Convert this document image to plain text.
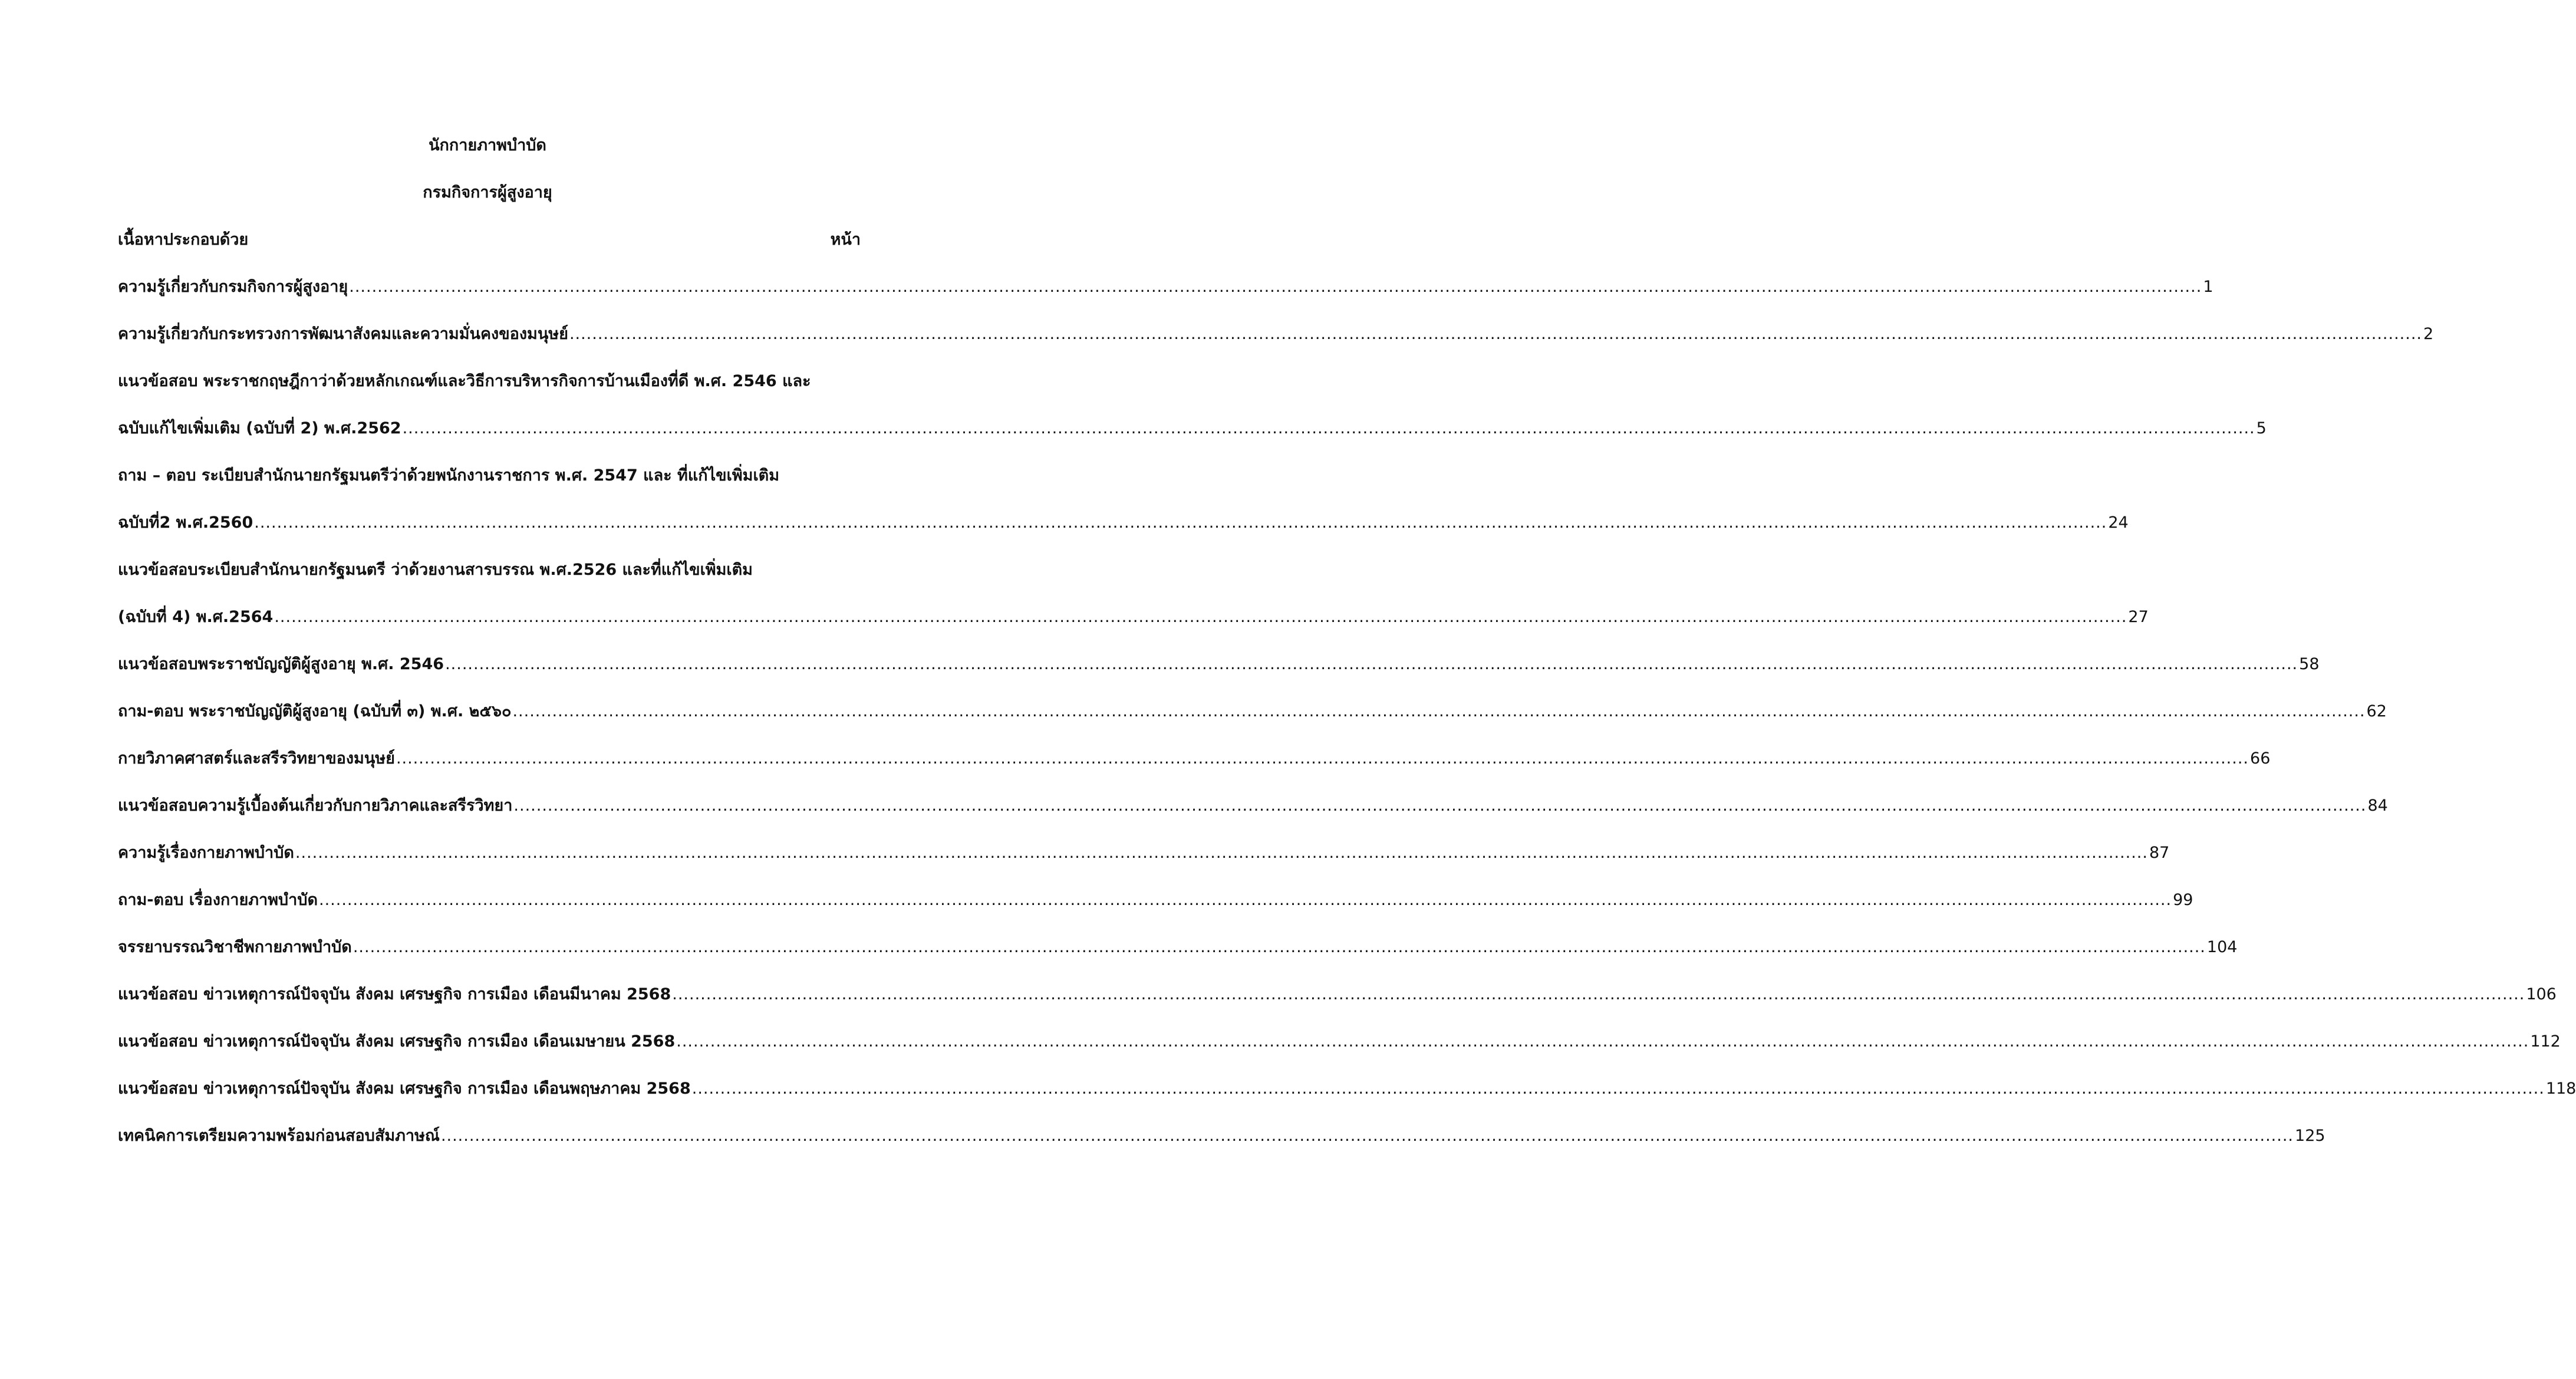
นักกายภาพบำบัด
กรมกิจการผู้สูงอายุ
เนื้อหาประกอบด้วย	หน้า
ความรู้เกี่ยวกับกรมกิจการผู้สูงอายุ ........................................................................................................................................................................................................................................................................................................................................ 1
ความรู้เกี่ยวกับกระทรวงการพัฒนาสังคมและความมั่นคงของมนุษย์ ........................................................................................................................................................................................................................................................................................................................................ 2
แนวข้อสอบ พระราชกฤษฎีกาว่าด้วยหลักเกณฑ์และวิธีการบริหารกิจการบ้านเมืองที่ดี พ.ศ. 2546 และ
ฉบับแก้ไขเพิ่มเติม (ฉบับที่ 2) พ.ศ.2562 ........................................................................................................................................................................................................................................................................................................................................ 5
ถาม – ตอบ ระเบียบสำนักนายกรัฐมนตรีว่าด้วยพนักงานราชการ พ.ศ. 2547 และ ที่แก้ไขเพิ่มเติม
ฉบับที่2 พ.ศ.2560 ........................................................................................................................................................................................................................................................................................................................................ 24
แนวข้อสอบระเบียบสำนักนายกรัฐมนตรี ว่าด้วยงานสารบรรณ พ.ศ.2526 และที่แก้ไขเพิ่มเติม
(ฉบับที่ 4) พ.ศ.2564 ........................................................................................................................................................................................................................................................................................................................................ 27
แนวข้อสอบพระราชบัญญัติผู้สูงอายุ พ.ศ. 2546 ........................................................................................................................................................................................................................................................................................................................................ 58
ถาม-ตอบ พระราชบัญญัติผู้สูงอายุ (ฉบับที่ ๓) พ.ศ. ๒๕๖๐ ........................................................................................................................................................................................................................................................................................................................................ 62
กายวิภาคศาสตร์และสรีรวิทยาของมนุษย์ ........................................................................................................................................................................................................................................................................................................................................ 66
แนวข้อสอบความรู้เบื้องต้นเกี่ยวกับกายวิภาคและสรีรวิทยา ........................................................................................................................................................................................................................................................................................................................................ 84
ความรู้เรื่องกายภาพบำบัด ........................................................................................................................................................................................................................................................................................................................................ 87
ถาม-ตอบ เรื่องกายภาพบำบัด ........................................................................................................................................................................................................................................................................................................................................ 99
จรรยาบรรณวิชาชีพกายภาพบำบัด ........................................................................................................................................................................................................................................................................................................................................ 104
แนวข้อสอบ ข่าวเหตุการณ์ปัจจุบัน สังคม เศรษฐกิจ การเมือง เดือนมีนาคม 2568 ........................................................................................................................................................................................................................................................................................................................................ 106
แนวข้อสอบ ข่าวเหตุการณ์ปัจจุบัน สังคม เศรษฐกิจ การเมือง เดือนเมษายน 2568 ........................................................................................................................................................................................................................................................................................................................................ 112
แนวข้อสอบ ข่าวเหตุการณ์ปัจจุบัน สังคม เศรษฐกิจ การเมือง เดือนพฤษภาคม 2568 ........................................................................................................................................................................................................................................................................................................................................ 118
เทคนิคการเตรียมความพร้อมก่อนสอบสัมภาษณ์ ........................................................................................................................................................................................................................................................................................................................................ 125
